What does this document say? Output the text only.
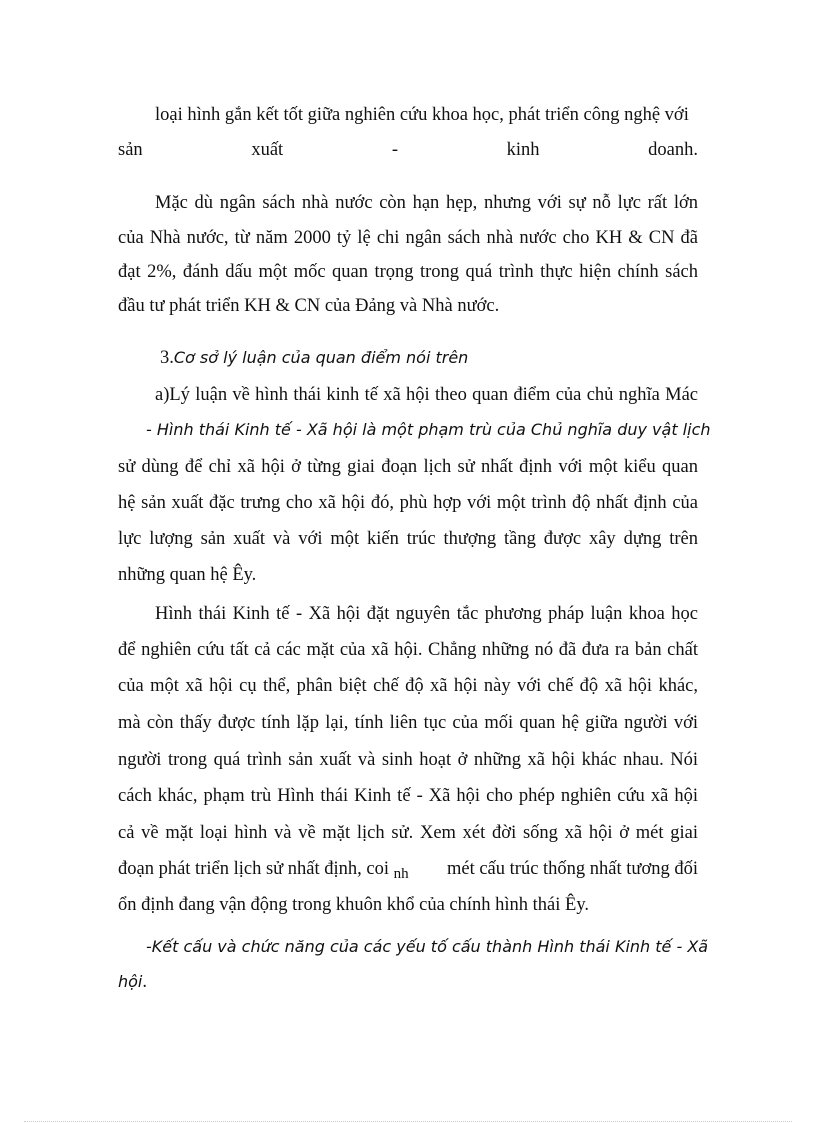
loại hình gắn kết tốt giữa nghiên cứu khoa học, phát triển công nghệ với
sản	xuất	-	kinh	doanh.
Mặc dù ngân sách nhà nước còn hạn hẹp, nhưng với sự nỗ lực rất lớn
của Nhà nước, từ năm 2000 tỷ lệ chi ngân sách nhà nước cho KH & CN đã
đạt 2%, đánh dấu một mốc quan trọng trong quá trình thực hiện chính sách
đầu tư phát triển KH & CN của Đảng và Nhà nước.
3.Cơ sở lý luận của quan điểm nói trên
a)Lý luận về hình thái kinh tế xã hội theo quan điểm của chủ nghĩa Mác
- Hình thái Kinh tế - Xã hội là một phạm trù của Chủ nghĩa duy vật lịch
sử dùng để chỉ xã hội ở từng giai đoạn lịch sử nhất định với một kiểu quan
hệ sản xuất đặc trưng cho xã hội đó, phù hợp với một trình độ nhất định của
lực lượng sản xuất và với một kiến trúc thượng tầng được xây dựng trên
những quan hệ Êy.
Hình thái Kinh tế - Xã hội đặt nguyên tắc phương pháp luận khoa học
để nghiên cứu tất cả các mặt của xã hội. Chẳng những nó đã đưa ra bản chất
của một xã hội cụ thể, phân biệt chế độ xã hội này với chế độ xã hội khác,
mà còn thấy được tính lặp lại, tính liên tục của mối quan hệ giữa người với
người trong quá trình sản xuất và sinh hoạt ở những xã hội khác nhau. Nói
cách khác, phạm trù Hình thái Kinh tế - Xã hội cho phép nghiên cứu xã hội
cả về mặt loại hình và về mặt lịch sử. Xem xét đời sống xã hội ở mét giai
đoạn phát triển lịch sử nhất định, coi $_{nh}$ mét cấu trúc thống nhất tương đối
ổn định đang vận động trong khuôn khổ của chính hình thái Êy.
-Kết cấu và chức năng của các yếu tố cấu thành Hình thái Kinh tế - Xã
hội.
